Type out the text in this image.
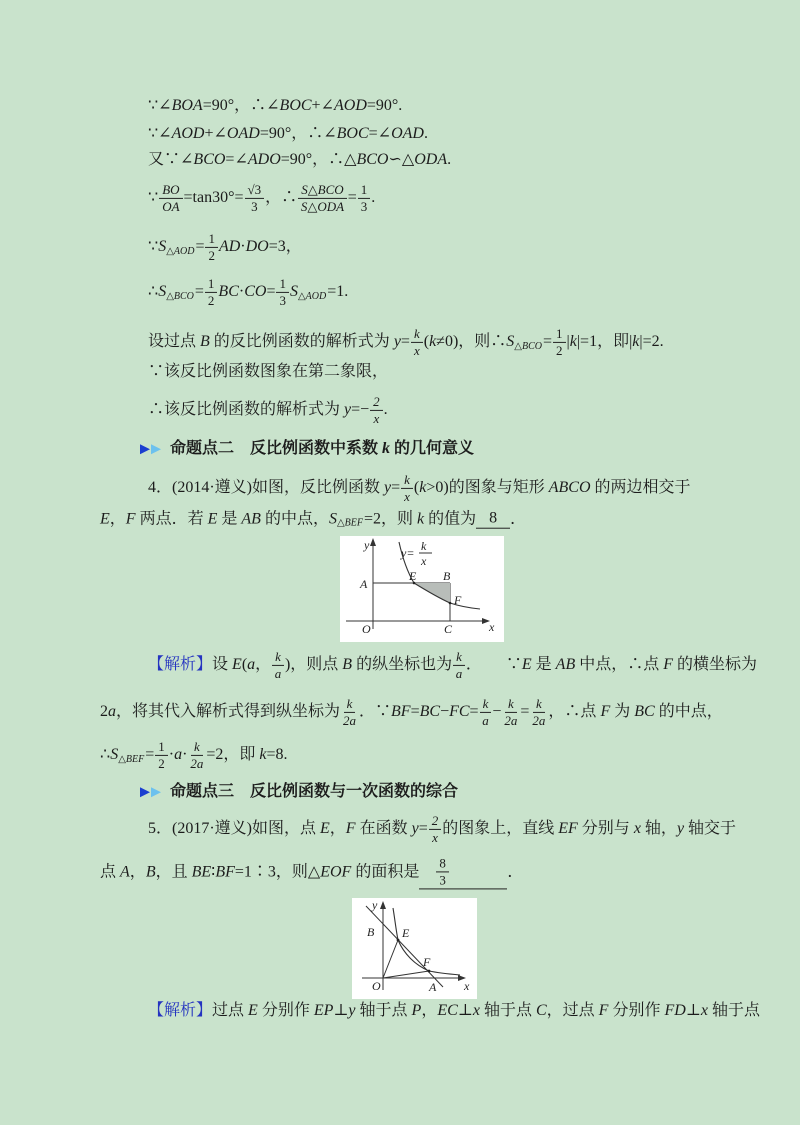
∵∠ BOA =90°，∴∠ BOC +∠ AOD =90°.
∵∠ AOD +∠ OAD =90°，∴∠ BOC =∠ OAD .
又∵∠ BCO =∠ ADO =90°，∴△ BCO ∽△ ODA .
∵ $\frac{BO}{OA} =\tan 30^\circ= \frac{√3}{3}$ ，∴ $\frac{\text{S△BCO}}{\text{S△ODA}} = \frac{1}{3}$ .
∵ S △AOD = $\frac{1}{2}$ AD · DO =3，
∴ S △BCO = $\frac{1}{2}$ BC · CO = $\frac{1}{3}$ S △AOD =1.
设过点 B 的反比例函数的解析式为 $y = \frac{k}{x}$ ( k ≠0)，则∴ S △BCO = $\frac{1}{2}$ | k |=1，即| k |=2.
∵该反比例函数图象在第二象限，
∴该反比例函数的解析式为 $y =- \frac{2}{x}$ .
命题点二　反比例函数中系数 k 的几何意义
4．(2014·遵义)如图，反比例函数 $y = \frac{k}{x}$ ( k >0)的图象与矩形 ABCO 的两边相交于
E ， F 两点．若 E 是 AB 的中点， S △BEF =2，则 k 的值为 8 ．
【解析】 设 E ( a ， $\frac{k}{a}$ )，则点 B 的纵坐标也为 $\frac{k}{a}$ ．　　∵ E 是 AB 中点，∴点 F 的横坐标为
2 a ，将其代入解析式得到纵坐标为 $\frac{k}{2a}$ ．∵ BF = BC − FC = $\frac{k}{a} - \frac{k}{2a} = \frac{k}{2a}$ ，∴点 F 为 BC 的中点，
∴ S △BEF = $\frac{1}{2} \cdot a \cdot \frac{k}{2a} =2$，即 k =8.
命题点三　反比例函数与一次函数的综合
5．(2017·遵义)如图，点 E ， F 在函数 $y = \frac{2}{x}$ 的图象上，直线 EF 分别与 x 轴， y 轴交于
点 A ， B ，且 BE ∶ BF =1∶3，则△ EOF 的面积是 $\frac{8}{3}$	．
【解析】 过点 E 分别作 EP ⊥ y 轴于点 P ， EC ⊥ x 轴于点 C ，过点 F 分别作 FD ⊥ x 轴于点
y= k
x
y
x
O
A
B
C
E
F
y
x
O
B E
F
A
